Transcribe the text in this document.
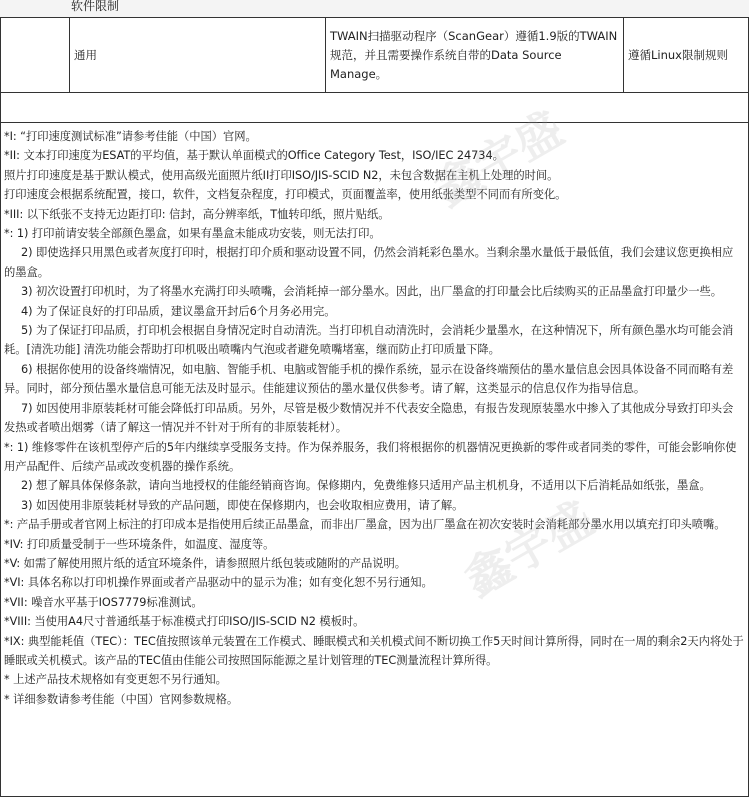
软件限制
通用
TWAIN扫描驱动程序（ScanGear）遵循1.9版的TWAIN规范，并且需要操作系统自带的Data Source Manage。
遵循Linux限制规则

*I: “打印速度测试标准”请参考佳能（中国）官网。

*II: 文本打印速度为ESAT的平均值，基于默认单面模式的Office Category Test，ISO/IEC 24734。

照片打印速度是基于默认模式，使用高级光面照片纸II打印ISO/JIS-SCID N2，未包含数据在主机上处理的时间。

打印速度会根据系统配置，接口，软件，文档复杂程度，打印模式，页面覆盖率，使用纸张类型不同而有所变化。

*III: 以下纸张不支持无边距打印: 信封，高分辨率纸，T恤转印纸，照片贴纸。

*: 1) 打印前请安装全部颜色墨盒，如果有墨盒未能成功安装，则无法打印。

2) 即使选择只用黑色或者灰度打印时，根据打印介质和驱动设置不同，仍然会消耗彩色墨水。当剩余墨水量低于最低值，我们会建议您更换相应的墨盒。

3) 初次设置打印机时，为了将墨水充满打印头喷嘴，会消耗掉一部分墨水。因此，出厂墨盒的打印量会比后续购买的正品墨盒打印量少一些。

4) 为了保证良好的打印品质，建议墨盒开封后6个月务必用完。

5) 为了保证打印品质，打印机会根据自身情况定时自动清洗。当打印机自动清洗时，会消耗少量墨水，在这种情况下，所有颜色墨水均可能会消耗。[清洗功能] 清洗功能会帮助打印机吸出喷嘴内气泡或者避免喷嘴堵塞，继而防止打印质量下降。

6) 根据你使用的设备终端情况，如电脑、智能手机、电脑或智能手机的操作系统，显示在设备终端预估的墨水量信息会因具体设备不同而略有差异。同时，部分预估墨水量信息可能无法及时显示。佳能建议预估的墨水量仅供参考。请了解，这类显示的信息仅作为指导信息。

7) 如因使用非原装耗材可能会降低打印品质。另外，尽管是极少数情况并不代表安全隐患，有报告发现原装墨水中掺入了其他成分导致打印头会发热或者喷出烟雾（请了解这一情况并不针对于所有的非原装耗材）。

*: 1) 维修零件在该机型停产后的5年内继续享受服务支持。作为保养服务，我们将根据你的机器情况更换新的零件或者同类的零件，可能会影响你使用产品配件、后续产品或改变机器的操作系统。

2) 想了解具体保修条款，请向当地授权的佳能经销商咨询。保修期内，免费维修只适用产品主机机身，不适用以下后消耗品如纸张，墨盒。

3) 如因使用非原装耗材导致的产品问题，即使在保修期内，也会收取相应费用，请了解。

*: 产品手册或者官网上标注的打印成本是指使用后续正品墨盒，而非出厂墨盒，因为出厂墨盒在初次安装时会消耗部分墨水用以填充打印头喷嘴。

*IV: 打印质量受制于一些环境条件，如温度、湿度等。

*V: 如需了解使用照片纸的适宜环境条件，请参照照片纸包装或随附的产品说明。

*VI: 具体名称以打印机操作界面或者产品驱动中的显示为准；如有变化恕不另行通知。

*VII: 噪音水平基于IOS7779标准测试。

*VIII: 当使用A4尺寸普通纸基于标准模式打印ISO/JIS-SCID N2 模板时。

*IX: 典型能耗值（TEC）：TEC值按照该单元装置在工作模式、睡眠模式和关机模式间不断切换工作5天时间计算所得，同时在一周的剩余2天内将处于睡眠或关机模式。该产品的TEC值由佳能公司按照国际能源之星计划管理的TEC测量流程计算所得。

* 上述产品技术规格如有变更恕不另行通知。

* 详细参数请参考佳能（中国）官网参数规格。

鑫宇盛
鑫宇盛
